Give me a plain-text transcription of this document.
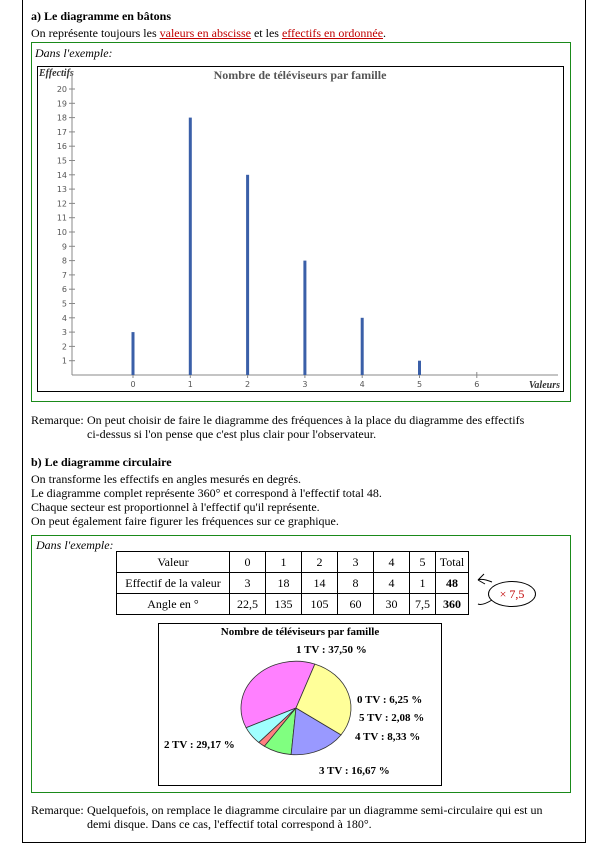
a) Le diagramme en bâtons
On représente toujours les valeurs en abscisse et les effectifs en ordonnée.
Dans l'exemple:
Nombre de téléviseurs par famille
Effectifs
Valeurs
1
2
3
4
5
6
7
8
9
10
11
12
13
14
15
16
17
18
19
20
0	1	2	3	4	5	6
Remarque: On peut choisir de faire le diagramme des fréquences à la place du diagramme des effectifs
ci-dessus si l'on pense que c'est plus clair pour l'observateur.
b) Le diagramme circulaire
On transforme les effectifs en angles mesurés en degrés.
Le diagramme complet représente 360° et correspond à l'effectif total 48.
Chaque secteur est proportionnel à l'effectif qu'il représente.
On peut également faire figurer les fréquences sur ce graphique.
Dans l'exemple:
Valeur	0	1	2	3	4	5	Total
Effectif de la valeur	3	18	14	8	4	1	48
Angle en °	22,5	135	105	60	30	7,5	360
× 7,5
Nombre de téléviseurs par famille
1 TV : 37,50 %
0 TV : 6,25 %
5 TV : 2,08 %
4 TV : 8,33 %
3 TV : 16,67 %
2 TV : 29,17 %
Remarque: Quelquefois, on remplace le diagramme circulaire par un diagramme semi-circulaire qui est un
demi disque. Dans ce cas, l'effectif total correspond à 180°.
